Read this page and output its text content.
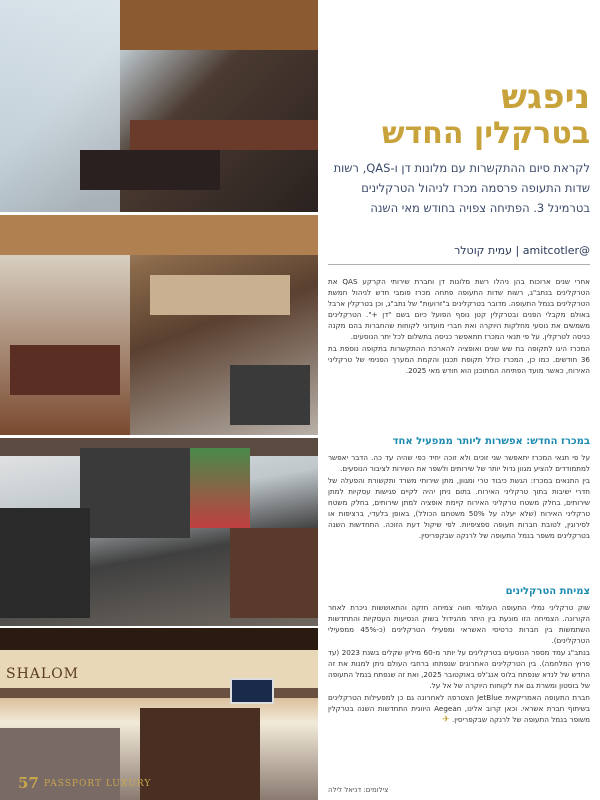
SHALOM
57 PASSPORT LUXURY
ניפגש
בטרקלין החדש
לקראת סיום ההתקשרות עם מלונות דן ו-QAS, רשות שדות התעופה פרסמה מכרז לניהול הטרקלינים בטרמינל 3. הפתיחה צפויה בחודש מאי השנה
@amitcotler | עמית קוטלר

אחרי שנים ארוכות בהן ניהלו רשת מלונות דן וחברת שירותי הקרקע QAS את הטרקלינים בנתב"ג, רשות שדות התעופה פתחה מכרז פומבי חדש לניהול חמשת הטרקלינים בנמל התעופה. מדובר בטרקלינים ב"זרועות" של נתב"ג, וכן בטרקלין ארבל באולם מקבלי הפנים ובטרקלין קטן נוסף הפועל כיום בשם "דן +". הטרקלינים משמשים את נוסעי מחלקות היוקרה ואת חברי מועדוני לקוחות שהחברות בהם מקנה כניסה לטרקלין. על פי תנאי המכרז תתאפשר כניסה בתשלום לכל יתר הנוסעים.

המכרז היגו לתקופה בת שש שנים ואופציה להארכת ההתקשרות בתקופה נוספת בת 36 חודשים. כמו כן, המכרז כולל תקופת תכנון והקמת המערך הפנימי של טרקליני האירוח, כאשר מועד הפתיחה המתוכנן הוא חודש מאי 2025.

במכרז החדש: אפשרות ליותר ממפעיל אחד

על פי תנאי המכרז יתאפשר שני זוכים ולא זוכה יחיד כפי שהיה עד כה. הדבר יאפשר למתמודדים להציע מגוון גדול יותר של שירותים ולשפר את השירות לציבור הנוסעים.

בין התנאים במכרז: הגשת כיבוד טרי ומגוון, מתן שירותי משרד ותקשורת והפעלה של חדרי ישיבות בתוך טרקליני האירוח. בתום ניתן יהיה לקיים פגישות עסקיות למתן שירותים, בחלק משטח טרקליני האירוח קיימת אופציה למתן שירותים, בחלק משטח טרקליני האירוח (שלא יעלה על 50% משטחם הכולל), באופן בלעדי, ברציפות או לסירוגין, לטובת חברות תעופה ספציפיות. לפי שיקול דעת הזוכה. התחדשות השנה בטרקלינים משפר בנמל התעופה של לרנקה שבקפריסין.

צמיחת הטרקלינים

שוק טרקליני נמלי התעופה העולמי חווה צמיחה חזקה והתאוששות ניכרת לאחר הקורונה. הצמיחה הזו מונעת בין היתר מהגידול בשוק הנסיעות העסקיות והתחדשות השתמשות בין חברות כרטיסי האשראי ומפעילי הטרקלינים (כ-45% ממפעילי הטרקלינים).

בנתב"ג עמד מספר הנוסעים בטרקלינים על יותר מ-60 מיליון שקלים בשנת 2023 (עד פרוץ המלחמה). בין הטרקלינים האחרונים שנפתחו ברחבי העולם ניתן למנות את זה החדש של לנדא שנפתח בלוס אנג'לס באוקטובר 2025, ואת זה שנפתח בנמל התעופה של בוסטון ומשרת גם את לקוחות היוקרה של אל על.

חברת התעופה האמריקאית JetBlue הצטרפה לאחרונה גם כן למפעילות הטרקלינים בשיתוף חברת אשראי. וכאן קרוב אלינו, Aegean היוונית התחדשות השנה בטרקלין משופר בנמל התעופה של לרנקה שבקפריסין. ✈

צילומים: דניאל לילה
